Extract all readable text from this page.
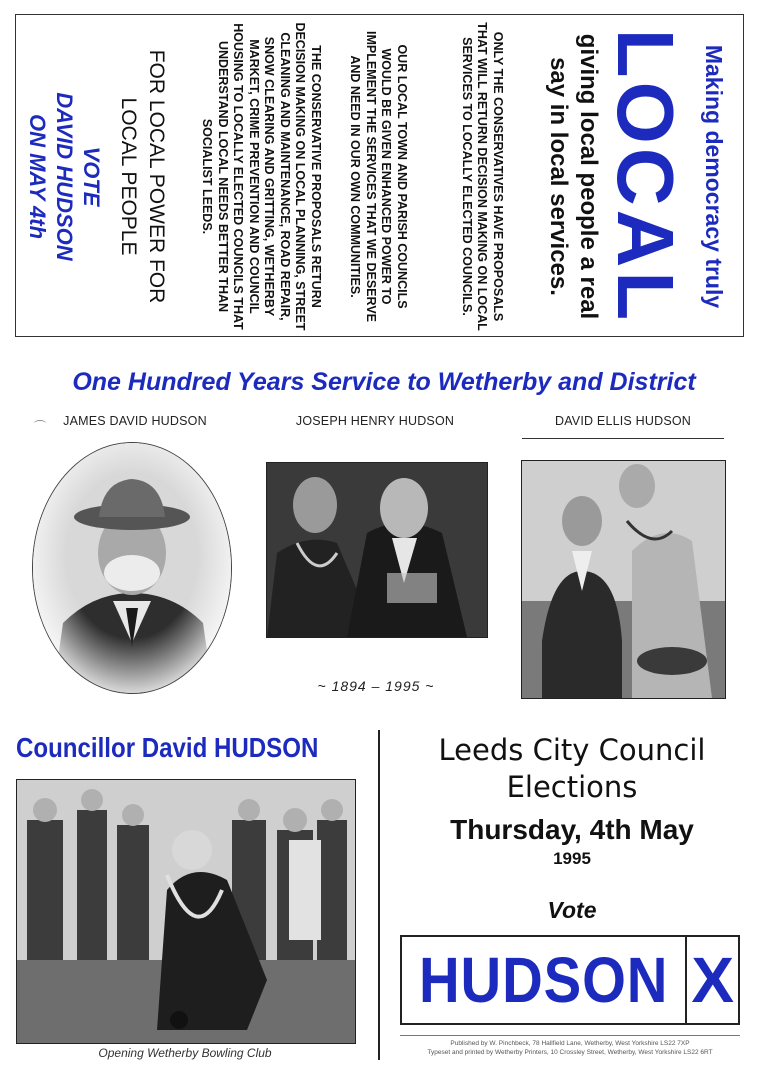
Making democracy truly
LOCAL
giving local people a real say in local services.
ONLY THE CONSERVATIVES HAVE PROPOSALS THAT WILL RETURN DECISION MAKING ON LOCAL SERVICES TO LOCALLY ELECTED COUNCILS.
OUR LOCAL TOWN AND PARISH COUNCILS WOULD BE GIVEN ENHANCED POWER TO IMPLEMENT THE SERVICES THAT WE DESERVE AND NEED IN OUR OWN COMMUNITIES.
THE CONSERVATIVE PROPOSALS RETURN DECISION MAKING ON LOCAL PLANNING, STREET CLEANING AND MAINTENANCE, ROAD REPAIR, SNOW CLEARING AND GRITTING, WETHERBY MARKET, CRIME PREVENTION AND COUNCIL HOUSING TO LOCALLY ELECTED COUNCILS THAT UNDERSTAND LOCAL NEEDS BETTER THAN SOCIALIST LEEDS.
FOR LOCAL POWER FOR LOCAL PEOPLE
VOTE
DAVID HUDSON
ON MAY 4th
One Hundred Years Service to Wetherby and District
JAMES DAVID HUDSON	JOSEPH HENRY HUDSON	DAVID ELLIS HUDSON
~ 1894 – 1995 ~
Councillor David HUDSON
Opening Wetherby Bowling Club
Leeds City Council
Elections
Thursday, 4th May
1995
Vote
HUDSON X
Published by W. Pinchbeck, 78 Hallfield Lane, Wetherby, West Yorkshire LS22 7XP
Typeset and printed by Wetherby Printers, 10 Crossley Street, Wetherby, West Yorkshire LS22 6RT
